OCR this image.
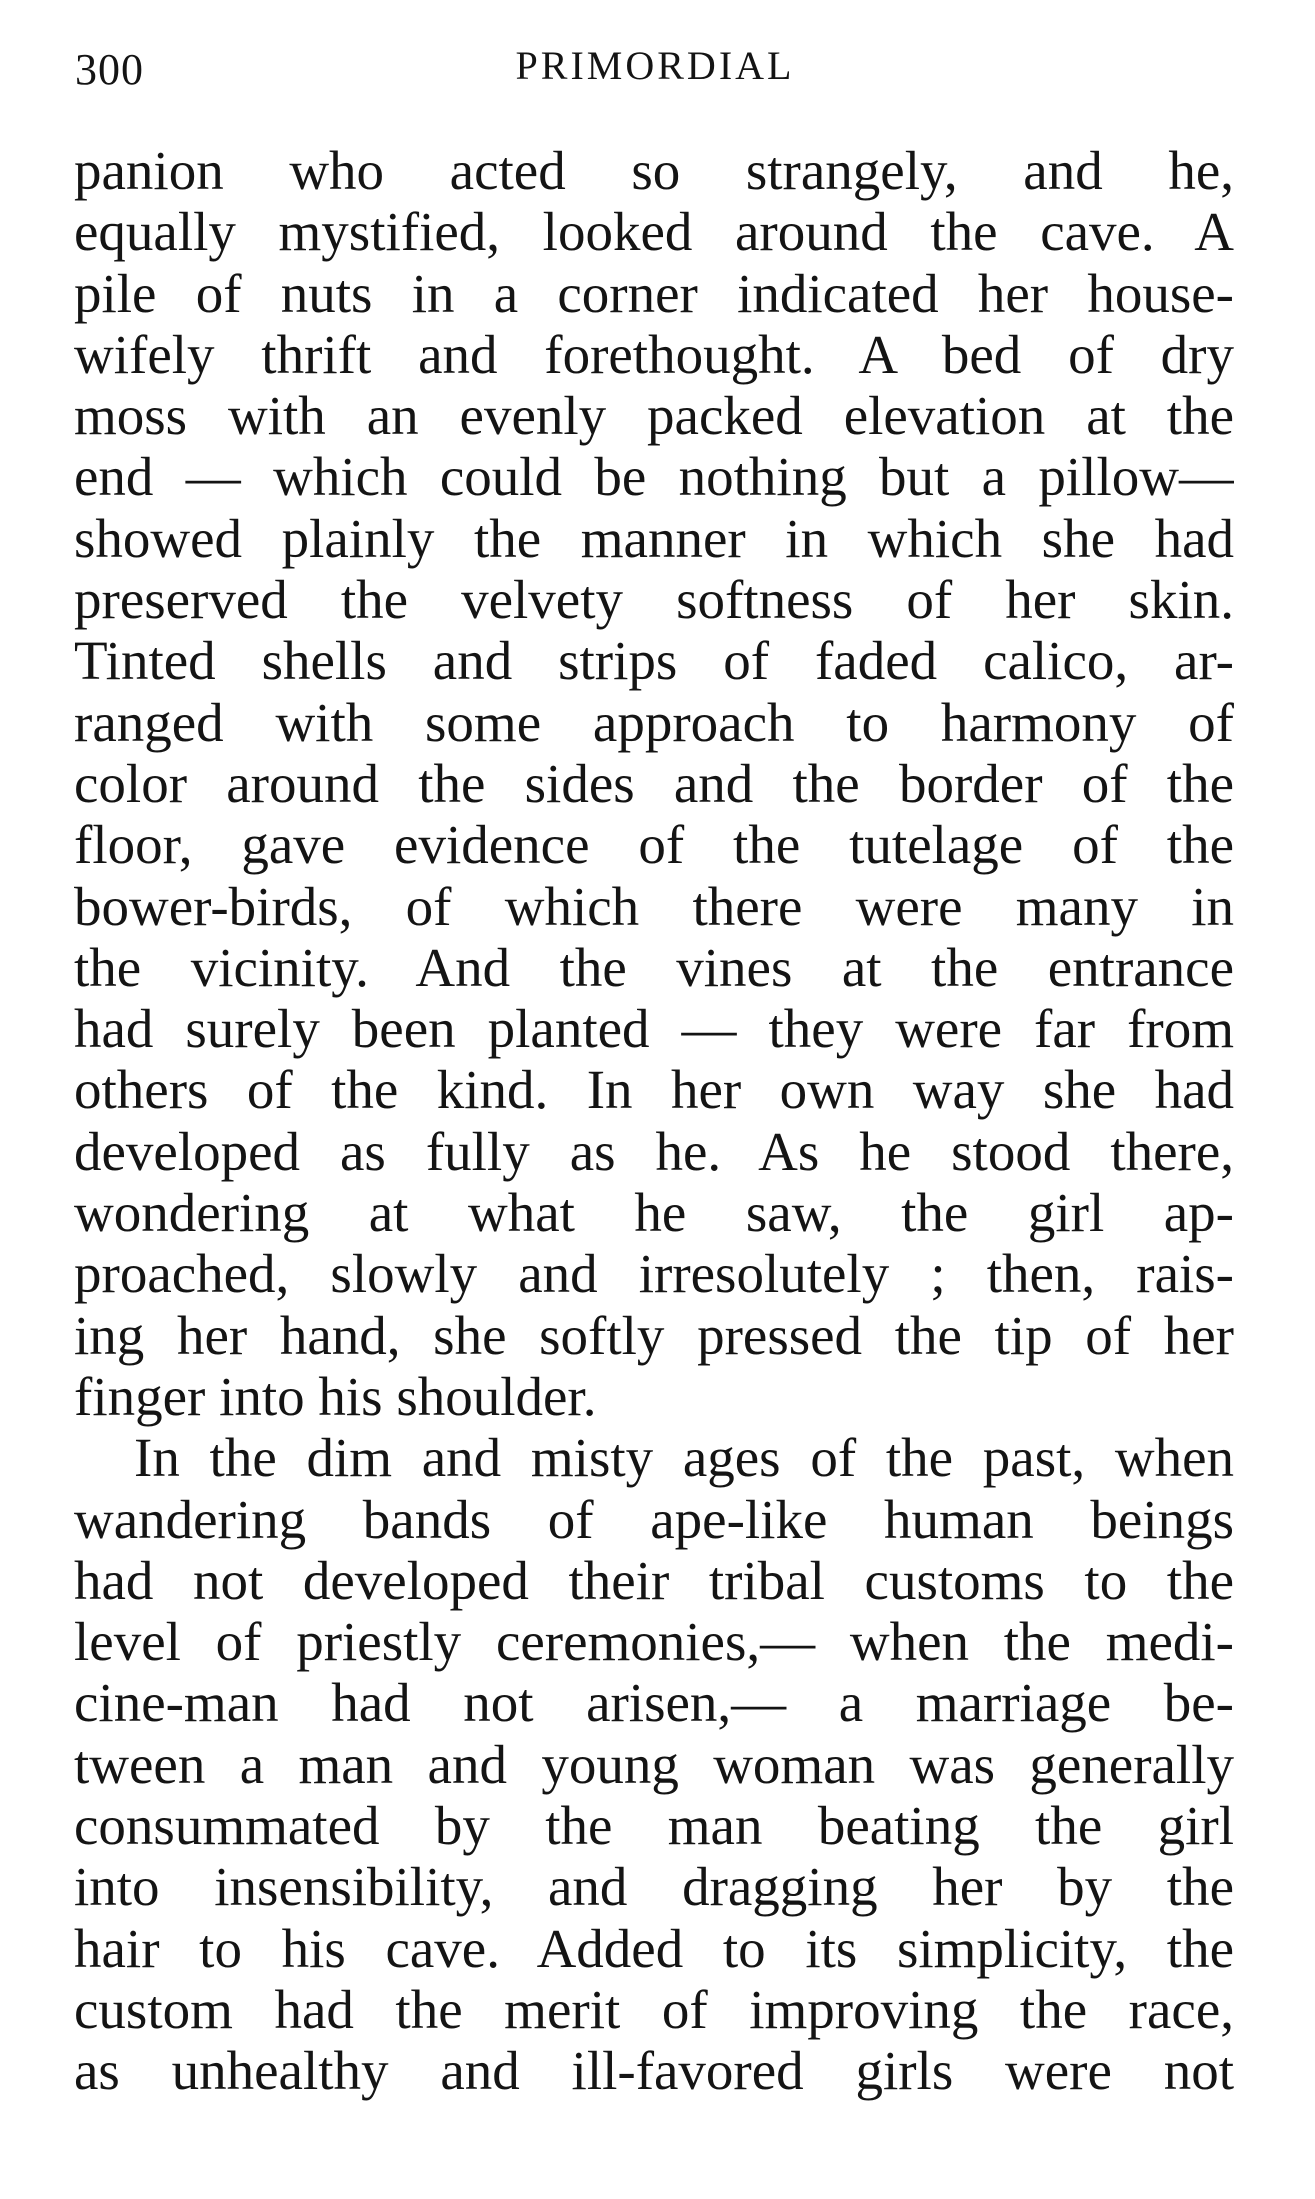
300	PRIMORDIAL
panion who acted so strangely, and he,
equally mystified, looked around the cave. A
pile of nuts in a corner indicated her house-
wifely thrift and forethought. A bed of dry
moss with an evenly packed elevation at the
end — which could be nothing but a pillow—
showed plainly the manner in which she had
preserved the velvety softness of her skin.
Tinted shells and strips of faded calico, ar-
ranged with some approach to harmony of
color around the sides and the border of the
floor, gave evidence of the tutelage of the
bower-birds, of which there were many in
the vicinity. And the vines at the entrance
had surely been planted — they were far from
others of the kind. In her own way she had
developed as fully as he. As he stood there,
wondering at what he saw, the girl ap-
proached, slowly and irresolutely ; then, rais-
ing her hand, she softly pressed the tip of her
finger into his shoulder.
In the dim and misty ages of the past, when
wandering bands of ape-like human beings
had not developed their tribal customs to the
level of priestly ceremonies,— when the medi-
cine-man had not arisen,— a marriage be-
tween a man and young woman was generally
consummated by the man beating the girl
into insensibility, and dragging her by the
hair to his cave. Added to its simplicity, the
custom had the merit of improving the race,
as unhealthy and ill-favored girls were not
